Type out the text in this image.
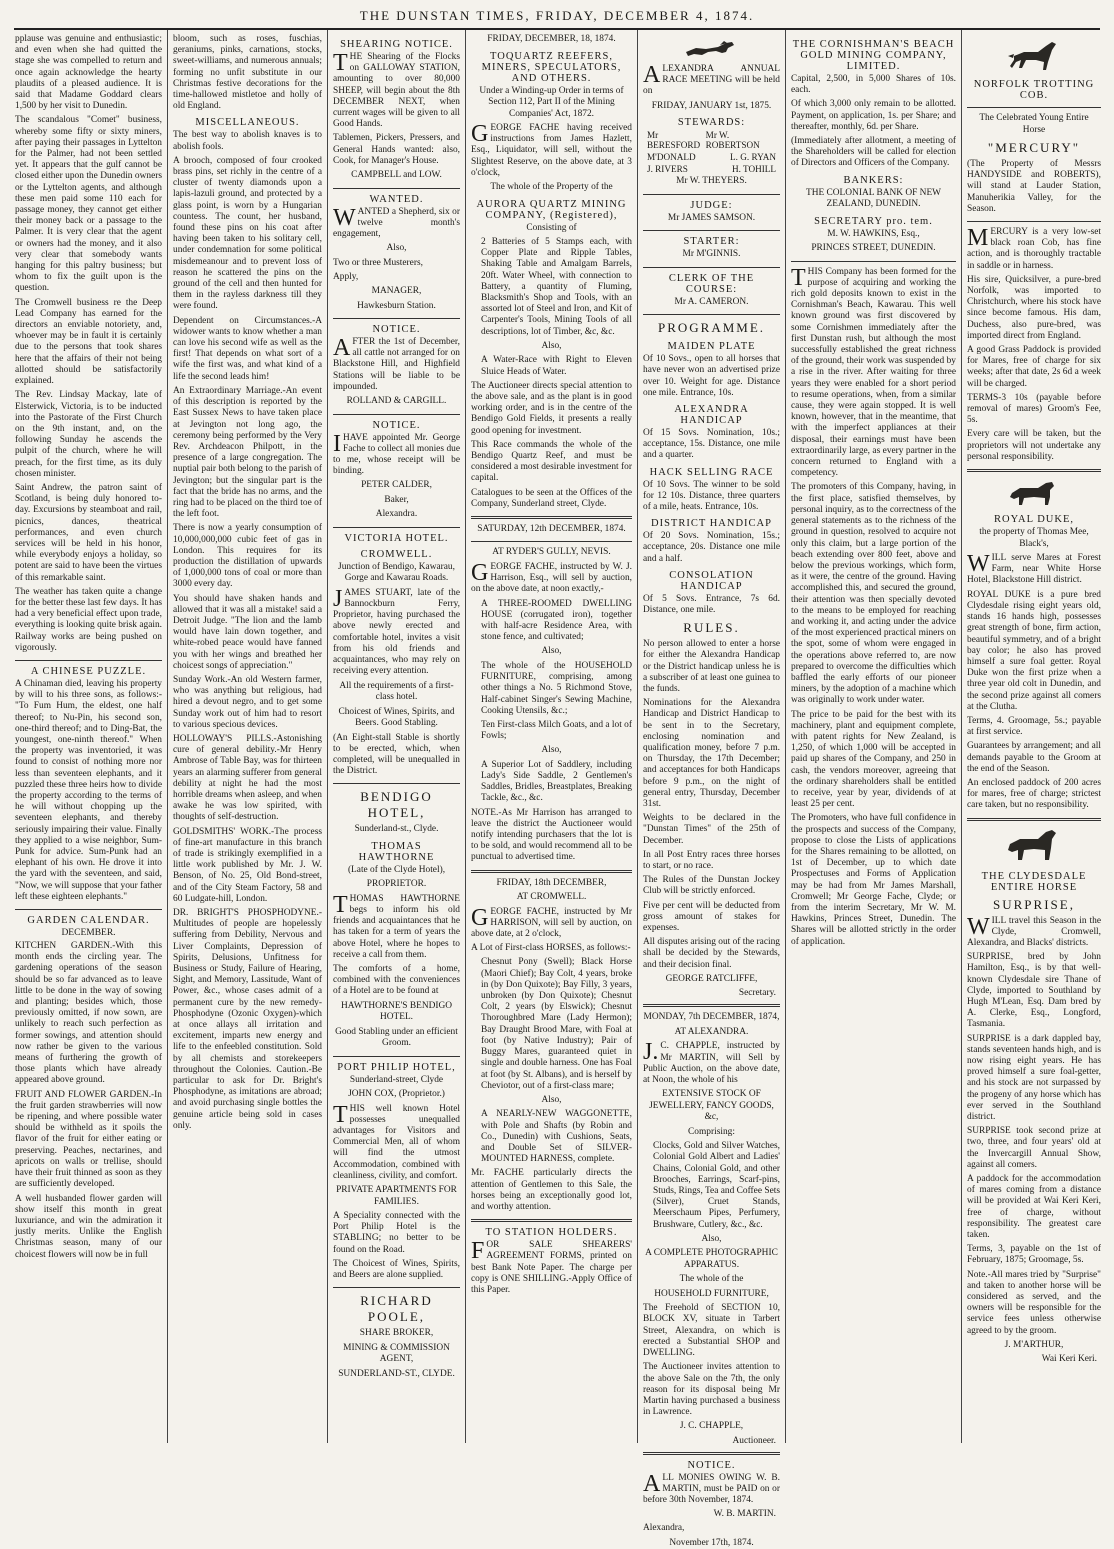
THE DUNSTAN TIMES, FRIDAY, DECEMBER 4, 1874.

pplause was genuine and enthusiastic; and even when she had quitted the stage she was compelled to return and once again acknowledge the hearty plaudits of a pleased audience. It is said that Madame Goddard clears 1,500 by her visit to Dunedin.

The scandalous "Comet" business, whereby some fifty or sixty miners, after paying their passages in Lyttelton for the Palmer, had not been settled yet. It appears that the gulf cannot be closed either upon the Dunedin owners or the Lyttelton agents, and although these men paid some 110 each for passage money, they cannot get either their money back or a passage to the Palmer. It is very clear that the agent or owners had the money, and it also very clear that somebody wants hanging for this paltry business; but whom to fix the guilt upon is the question.

The Cromwell business re the Deep Lead Company has earned for the directors an enviable notoriety, and, whoever may be in fault it is certainly due to the persons that took shares here that the affairs of their not being allotted should be satisfactorily explained.

The Rev. Lindsay Mackay, late of Elsterwick, Victoria, is to be inducted into the Pastorate of the First Church on the 9th instant, and, on the following Sunday he ascends the pulpit of the church, where he will preach, for the first time, as its duly chosen minister.

Saint Andrew, the patron saint of Scotland, is being duly honored to-day. Excursions by steamboat and rail, picnics, dances, theatrical performances, and even church services will be held in his honor, while everybody enjoys a holiday, so potent are said to have been the virtues of this remarkable saint.

The weather has taken quite a change for the better these last few days. It has had a very beneficial effect upon trade, everything is looking quite brisk again. Railway works are being pushed on vigorously.

A CHINESE PUZZLE.

A Chinaman died, leaving his property by will to his three sons, as follows:-"To Fum Hum, the eldest, one half thereof; to Nu-Pin, his second son, one-third thereof; and to Ding-Bat, the youngest, one-ninth thereof." When the property was inventoried, it was found to consist of nothing more nor less than seventeen elephants, and it puzzled these three heirs how to divide the property according to the terms of he will without chopping up the seventeen elephants, and thereby seriously impairing their value. Finally they applied to a wise neighbor, Sum-Punk for advice. Sum-Punk had an elephant of his own. He drove it into the yard with the seventeen, and said, "Now, we will suppose that your father left these eighteen elephants."

GARDEN CALENDAR.
DECEMBER.

KITCHEN GARDEN.-With this month ends the circling year. The gardening operations of the season should be so far advanced as to leave little to be done in the way of sowing and planting; besides which, those previously omitted, if now sown, are unlikely to reach such perfection as former sowings, and attention should now rather be given to the various means of furthering the growth of those plants which have already appeared above ground.

FRUIT AND FLOWER GARDEN.-In the fruit garden strawberries will now be ripening, and where possible water should be withheld as it spoils the flavor of the fruit for either eating or preserving. Peaches, nectarines, and apricots on walls or trellise, should have their fruit thinned as soon as they are sufficiently developed.

A well husbanded flower garden will show itself this month in great luxuriance, and win the admiration it justly merits. Unlike the English Christmas season, many of our choicest flowers will now be in full

bloom, such as roses, fuschias, geraniums, pinks, carnations, stocks, sweet-williams, and numerous annuals; forming no unfit substitute in our Christmas festive decorations for the time-hallowed mistletoe and holly of old England.

MISCELLANEOUS.

The best way to abolish knaves is to abolish fools.

A brooch, composed of four crooked brass pins, set richly in the centre of a cluster of twenty diamonds upon a lapis-lazuli ground, and protected by a glass point, is worn by a Hungarian countess. The count, her husband, found these pins on his coat after having been taken to his solitary cell, under condemnation for some political misdemeanour and to prevent loss of reason he scattered the pins on the ground of the cell and then hunted for them in the rayless darkness till they were found.

Dependent on Circumstances.-A widower wants to know whether a man can love his second wife as well as the first! That depends on what sort of a wife the first was, and what kind of a life the second leads him!

An Extraordinary Marriage.-An event of this description is reported by the East Sussex News to have taken place at Jevington not long ago, the ceremony being performed by the Very Rev. Archdeacon Philpott, in the presence of a large congregation. The nuptial pair both belong to the parish of Jevington; but the singular part is the fact that the bride has no arms, and the ring had to be placed on the third toe of the left foot.

There is now a yearly consumption of 10,000,000,000 cubic feet of gas in London. This requires for its production the distillation of upwards of 1,000,000 tons of coal or more than 3000 every day.

You should have shaken hands and allowed that it was all a mistake! said a Detroit Judge. "The lion and the lamb would have lain down together, and white-robed peace would have fanned you with her wings and breathed her choicest songs of appreciation."

Sunday Work.-An old Western farmer, who was anything but religious, had hired a devout negro, and to get some Sunday work out of him had to resort to various specious devices.

HOLLOWAY'S PILLS.-Astonishing cure of general debility.-Mr Henry Ambrose of Table Bay, was for thirteen years an alarming sufferer from general debility at night he had the most horrible dreams when asleep, and when awake he was low spirited, with thoughts of self-destruction.

GOLDSMITHS' WORK.-The process of fine-art manufacture in this branch of trade is strikingly exemplified in a little work published by Mr. J. W. Benson, of No. 25, Old Bond-street, and of the City Steam Factory, 58 and 60 Ludgate-hill, London.

DR. BRIGHT'S PHOSPHODYNE.-Multitudes of people are hopelessly suffering from Debility, Nervous and Liver Complaints, Depression of Spirits, Delusions, Unfitness for Business or Study, Failure of Hearing, Sight, and Memory, Lassitude, Want of Power, &c., whose cases admit of a permanent cure by the new remedy-Phosphodyne (Ozonic Oxygen)-which at once allays all irritation and excitement, imparts new energy and life to the enfeebled constitution. Sold by all chemists and storekeepers throughout the Colonies. Caution.-Be particular to ask for Dr. Bright's Phosphodyne, as imitations are abroad; and avoid purchasing single bottles the genuine article being sold in cases only.

SHEARING NOTICE.

THE Shearing of the Flocks on GALLOWAY STATION, amounting to over 80,000 SHEEP, will begin about the 8th DECEMBER NEXT, when current wages will be given to all Good Hands.

Tablemen, Pickers, Pressers, and General Hands wanted: also, Cook, for Manager's House.

CAMPBELL and LOW.
WANTED.

WANTED a Shepherd, six or twelve month's engagement,

Also,

Two or three Musterers,

Apply,

MANAGER,
Hawkesburn Station.
NOTICE.

AFTER the 1st of December, all cattle not arranged for on Blackstone Hill, and Highfield Stations will be liable to be impounded.

ROLLAND & CARGILL.
NOTICE.

IHAVE appointed Mr. George Fache to collect all monies due to me, whose receipt will be binding.

PETER CALDER,
Baker,
Alexandra.
VICTORIA HOTEL.
CROMWELL.
Junction of Bendigo, Kawarau, Gorge and Kawarau Roads.

JAMES STUART, late of the Bannockburn Ferry, Proprietor, having purchased the above newly erected and comfortable hotel, invites a visit from his old friends and acquaintances, who may rely on receiving every attention.

All the requirements of a first-class hotel.
Choicest of Wines, Spirits, and Beers. Good Stabling.

(An Eight-stall Stable is shortly to be erected, which, when completed, will be unequalled in the District.

BENDIGO HOTEL,
Sunderland-st., Clyde.
THOMAS HAWTHORNE
(Late of the Clyde Hotel),
PROPRIETOR.

THOMAS HAWTHORNE begs to inform his old friends and acquaintances that he has taken for a term of years the above Hotel, where he hopes to receive a call from them.

The comforts of a home, combined with the conveniences of a Hotel are to be found at

HAWTHORNE'S BENDIGO HOTEL.
Good Stabling under an efficient Groom.
PORT PHILIP HOTEL,
Sunderland-street, Clyde
JOHN COX, (Proprietor.)

THIS well known Hotel possesses unequalled advantages for Visitors and Commercial Men, all of whom will find the utmost Accommodation, combined with cleanliness, civility, and comfort.

PRIVATE APARTMENTS FOR FAMILIES.

A Speciality connected with the Port Philip Hotel is the STABLING; no better to be found on the Road.

The Choicest of Wines, Spirits, and Beers are alone supplied.

RICHARD POOLE,
SHARE BROKER,
MINING & COMMISSION AGENT,
SUNDERLAND-ST., CLYDE.
FRIDAY, DECEMBER, 18, 1874.
TOQUARTZ REEFERS, MINERS, SPECULATORS, AND OTHERS.
Under a Winding-up Order in terms of Section 112, Part II of the Mining Companies' Act, 1872.

GEORGE FACHE having received instructions from James Hazlett, Esq., Liquidator, will sell, without the Slightest Reserve, on the above date, at 3 o'clock,

The whole of the Property of the
AURORA QUARTZ MINING COMPANY, (Registered),
Consisting of

2 Batteries of 5 Stamps each, with Copper Plate and Ripple Tables, Shaking Table and Amalgam Barrels, 20ft. Water Wheel, with connection to Battery, a quantity of Fluming, Blacksmith's Shop and Tools, with an assorted lot of Steel and Iron, and Kit of Carpenter's Tools, Mining Tools of all descriptions, lot of Timber, &c, &c.

Also,

A Water-Race with Right to Eleven Sluice Heads of Water.

The Auctioneer directs special attention to the above sale, and as the plant is in good working order, and is in the centre of the Bendigo Gold Fields, it presents a really good opening for investment.

This Race commands the whole of the Bendigo Quartz Reef, and must be considered a most desirable investment for capital.

Catalogues to be seen at the Offices of the Company, Sunderland street, Clyde.

SATURDAY, 12th DECEMBER, 1874.
AT RYDER'S GULLY, NEVIS.

GEORGE FACHE, instructed by W. J. Harrison, Esq., will sell by auction, on the above date, at noon exactly,-

A THREE-ROOMED DWELLING HOUSE (corrugated iron), together with half-acre Residence Area, with stone fence, and cultivated;

Also,

The whole of the HOUSEHOLD FURNITURE, comprising, among other things a No. 5 Richmond Stove, Half-cabinet Singer's Sewing Machine, Cooking Utensils, &c.;

Ten First-class Milch Goats, and a lot of Fowls;

Also,

A Superior Lot of Saddlery, including Lady's Side Saddle, 2 Gentlemen's Saddles, Bridles, Breastplates, Breaking Tackle, &c., &c.

NOTE.-As Mr Harrison has arranged to leave the district the Auctioneer would notify intending purchasers that the lot is to be sold, and would recommend all to be punctual to advertised time.

FRIDAY, 18th DECEMBER,
AT CROMWELL.

GEORGE FACHE, instructed by Mr HARRISON, will sell by auction, on above date, at 2 o'clock,

A Lot of First-class HORSES, as follows:-

Chesnut Pony (Swell); Black Horse (Maori Chief); Bay Colt, 4 years, broke in (by Don Quixote); Bay Filly, 3 years, unbroken (by Don Quixote); Chesnut Colt, 2 years (by Elswick); Chesnut Thoroughbred Mare (Lady Hermon); Bay Draught Brood Mare, with Foal at foot (by Native Industry); Pair of Buggy Mares, guaranteed quiet in single and double harness. One has Foal at foot (by St. Albans), and is herself by Cheviotor, out of a first-class mare;

Also,

A NEARLY-NEW WAGGONETTE, with Pole and Shafts (by Robin and Co., Dunedin) with Cushions, Seats, and Double Set of SILVER-MOUNTED HARNESS, complete.

Mr. FACHE particularly directs the attention of Gentlemen to this Sale, the horses being an exceptionally good lot, and worthy attention.

TO STATION HOLDERS.

FOR SALE SHEARERS' AGREEMENT FORMS, printed on best Bank Note Paper. The charge per copy is ONE SHILLING.-Apply Office of this Paper.

ALEXANDRA ANNUAL RACE MEETING will be held on

FRIDAY, JANUARY 1st, 1875.
STEWARDS:
Mr BERESFORD
Mr W. ROBERTSON
M'DONALD	L. G. RYAN
J. RIVERS	H. TOHILL
Mr W. THEYERS.
JUDGE:
Mr JAMES SAMSON.
STARTER:
Mr M'GINNIS.
CLERK OF THE COURSE:
Mr A. CAMERON.
PROGRAMME.
MAIDEN PLATE

Of 10 Sovs., open to all horses that have never won an advertised prize over 10. Weight for age. Distance one mile. Entrance, 10s.

ALEXANDRA HANDICAP

Of 15 Sovs. Nomination, 10s.; acceptance, 15s. Distance, one mile and a quarter.

HACK SELLING RACE

Of 10 Sovs. The winner to be sold for 12 10s. Distance, three quarters of a mile, heats. Entrance, 10s.

DISTRICT HANDICAP

Of 20 Sovs. Nomination, 15s.; acceptance, 20s. Distance one mile and a half.

CONSOLATION HANDICAP

Of 5 Sovs. Entrance, 7s 6d. Distance, one mile.

RULES.

No person allowed to enter a horse for either the Alexandra Handicap or the District handicap unless he is a subscriber of at least one guinea to the funds.

Nominations for the Alexandra Handicap and District Handicap to be sent in to the Secretary, enclosing nomination and qualification money, before 7 p.m. on Thursday, the 17th December; and acceptances for both Handicaps before 9 p.m., on the night of general entry, Thursday, December 31st.

Weights to be declared in the "Dunstan Times" of the 25th of December.

In all Post Entry races three horses to start, or no race.

The Rules of the Dunstan Jockey Club will be strictly enforced.

Five per cent will be deducted from gross amount of stakes for expenses.

All disputes arising out of the racing shall be decided by the Stewards, and their decision final.

GEORGE RATCLIFFE,
Secretary.
MONDAY, 7th DECEMBER, 1874,
AT ALEXANDRA.

J.C. CHAPPLE, instructed by Mr MARTIN, will Sell by Public Auction, on the above date, at Noon, the whole of his

EXTENSIVE STOCK OF JEWELLERY, FANCY GOODS, &c,
Comprising:

Clocks, Gold and Silver Watches, Colonial Gold Albert and Ladies' Chains, Colonial Gold, and other Brooches, Earrings, Scarf-pins, Studs, Rings, Tea and Coffee Sets (Silver), Cruet Stands, Meerschaum Pipes, Perfumery, Brushware, Cutlery, &c., &c.

Also,
A COMPLETE PHOTOGRAPHIC APPARATUS.
The whole of the
HOUSEHOLD FURNITURE,

The Freehold of SECTION 10, BLOCK XV, situate in Tarbert Street, Alexandra, on which is erected a Substantial SHOP and DWELLING.

The Auctioneer invites attention to the above Sale on the 7th, the only reason for its disposal being Mr Martin having purchased a business in Lawrence.

J. C. CHAPPLE,
Auctioneer.
NOTICE.

ALL MONIES OWING W. B. MARTIN, must be PAID on or before 30th November, 1874.

W. B. MARTIN.

Alexandra,

November 17th, 1874.
THE CORNISHMAN'S BEACH GOLD MINING COMPANY, LIMITED.

Capital, 2,500, in 5,000 Shares of 10s. each.

Of which 3,000 only remain to be allotted. Payment, on application, 1s. per Share; and thereafter, monthly, 6d. per Share.

(Immediately after allotment, a meeting of the Shareholders will be called for election of Directors and Officers of the Company.

BANKERS:
THE COLONIAL BANK OF NEW ZEALAND, DUNEDIN.
SECRETARY pro. tem.
M. W. HAWKINS, Esq.,
PRINCES STREET, DUNEDIN.

THIS Company has been formed for the purpose of acquiring and working the rich gold deposits known to exist in the Cornishman's Beach, Kawarau. This well known ground was first discovered by some Cornishmen immediately after the first Dunstan rush, but although the most successfully established the great richness of the ground, their work was suspended by a rise in the river. After waiting for three years they were enabled for a short period to resume operations, when, from a similar cause, they were again stopped. It is well known, however, that in the meantime, that with the imperfect appliances at their disposal, their earnings must have been extraordinarily large, as every partner in the concern returned to England with a competency.

The promoters of this Company, having, in the first place, satisfied themselves, by personal inquiry, as to the correctness of the general statements as to the richness of the ground in question, resolved to acquire not only this claim, but a large portion of the beach extending over 800 feet, above and below the previous workings, which form, as it were, the centre of the ground. Having accomplished this, and secured the ground, their attention was then specially devoted to the means to be employed for reaching and working it, and acting under the advice of the most experienced practical miners on the spot, some of whom were engaged in the operations above referred to, are now prepared to overcome the difficulties which baffled the early efforts of our pioneer miners, by the adoption of a machine which was originally to work under water.

The price to be paid for the best with its machinery, plant and equipment complete, with patent rights for New Zealand, is 1,250, of which 1,000 will be accepted in paid up shares of the Company, and 250 in cash, the vendors moreover, agreeing that the ordinary shareholders shall be entitled to receive, year by year, dividends of at least 25 per cent.

The Promoters, who have full confidence in the prospects and success of the Company, propose to close the Lists of applications for the Shares remaining to be allotted, on 1st of December, up to which date Prospectuses and Forms of Application may be had from Mr James Marshall, Cromwell; Mr George Fache, Clyde; or from the interim Secretary, Mr W. M. Hawkins, Princes Street, Dunedin. The Shares will be allotted strictly in the order of application.

NORFOLK TROTTING COB.
The Celebrated Young Entire Horse
"MERCURY"

(The Property of Messrs HANDYSIDE and ROBERTS), will stand at Lauder Station, Manuherikia Valley, for the Season.

MERCURY is a very low-set black roan Cob, has fine action, and is thoroughly tractable in saddle or in harness.

His sire, Quicksilver, a pure-bred Norfolk, was imported to Christchurch, where his stock have since become famous. His dam, Duchess, also pure-bred, was imported direct from England.

A good Grass Paddock is provided for Mares, free of charge for six weeks; after that date, 2s 6d a week will be charged.

TERMS-3 10s (payable before removal of mares) Groom's Fee, 5s.

Every care will be taken, but the proprietors will not undertake any personal responsibility.

ROYAL DUKE,
the property of Thomas Mee, Black's,

WILL serve Mares at Forest Farm, near White Horse Hotel, Blackstone Hill district.

ROYAL DUKE is a pure bred Clydesdale rising eight years old, stands 16 hands high, possesses great strength of bone, firm action, beautiful symmetry, and of a bright bay color; he also has proved himself a sure foal getter. Royal Duke won the first prize when a three year old colt in Dunedin, and the second prize against all comers at the Clutha.

Terms, 4. Groomage, 5s.; payable at first service.

Guarantees by arrangement; and all demands payable to the Groom at the end of the Season.

An enclosed paddock of 200 acres for mares, free of charge; strictest care taken, but no responsibility.

THE CLYDESDALE ENTIRE HORSE
SURPRISE,

WILL travel this Season in the Clyde, Cromwell, Alexandra, and Blacks' districts.

SURPRISE, bred by John Hamilton, Esq., is by that well-known Clydesdale sire Thane of Clyde, imported to Southland by Hugh M'Lean, Esq. Dam bred by A. Clerke, Esq., Longford, Tasmania.

SURPRISE is a dark dappled bay, stands seventeen hands high, and is now rising eight years. He has proved himself a sure foal-getter, and his stock are not surpassed by the progeny of any horse which has ever served in the Southland district.

SURPRISE took second prize at two, three, and four years' old at the Invercargill Annual Show, against all comers.

A paddock for the accommodation of mares coming from a distance will be provided at Wai Keri Keri, free of charge, without responsibility. The greatest care taken.

Terms, 3, payable on the 1st of February, 1875; Groomage, 5s.

Note.-All mares tried by "Surprise" and taken to another horse will be considered as served, and the owners will be responsible for the service fees unless otherwise agreed to by the groom.

J. M'ARTHUR,
Wai Keri Keri.
